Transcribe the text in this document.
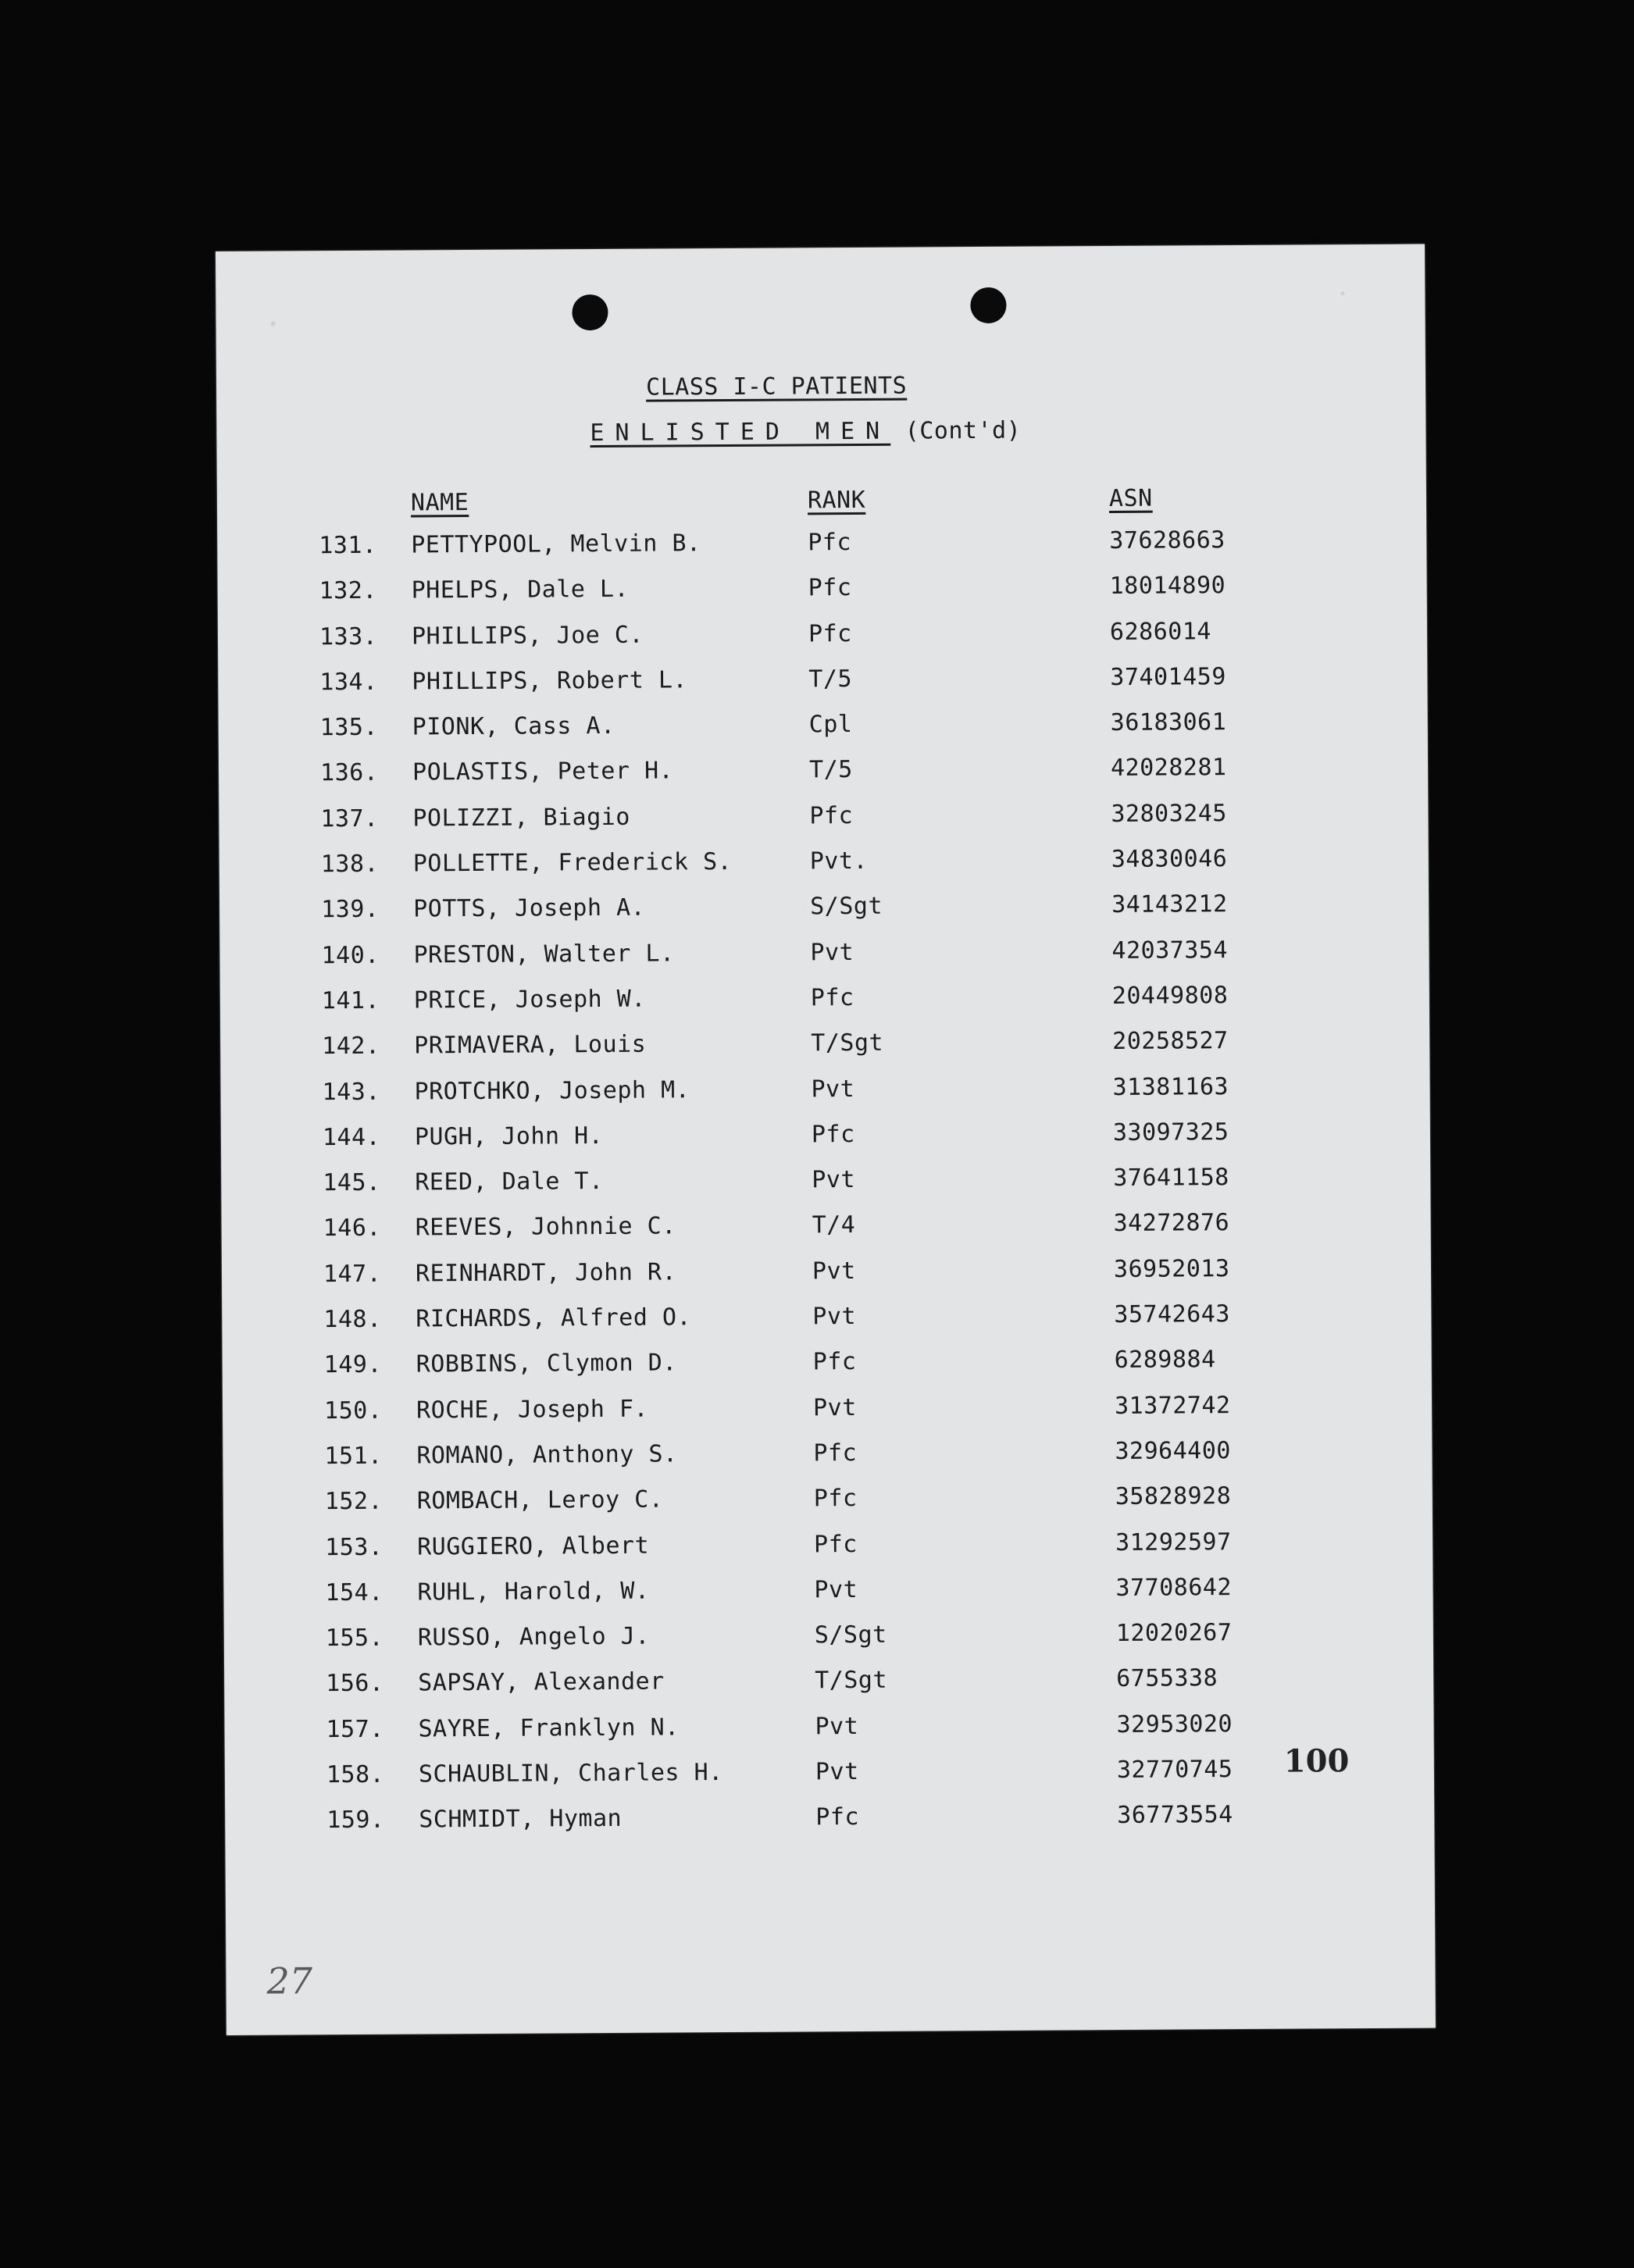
CLASS I-C PATIENTS
ENLISTED MEN (Cont'd)
NAME	RANK	ASN
131. PETTYPOOL, Melvin B.	Pfc	37628663
132. PHELPS, Dale L.	Pfc	18014890
133. PHILLIPS, Joe C.	Pfc	6286014
134. PHILLIPS, Robert L.	T/5	37401459
135. PIONK, Cass A.	Cpl	36183061
136. POLASTIS, Peter H.	T/5	42028281
137. POLIZZI, Biagio	Pfc	32803245
138. POLLETTE, Frederick S.	Pvt.	34830046
139. POTTS, Joseph A.	S/Sgt	34143212
140. PRESTON, Walter L.	Pvt	42037354
141. PRICE, Joseph W.	Pfc	20449808
142. PRIMAVERA, Louis	T/Sgt	20258527
143. PROTCHKO, Joseph M.	Pvt	31381163
144. PUGH, John H.	Pfc	33097325
145. REED, Dale T.	Pvt	37641158
146. REEVES, Johnnie C.	T/4	34272876
147. REINHARDT, John R.	Pvt	36952013
148. RICHARDS, Alfred O.	Pvt	35742643
149. ROBBINS, Clymon D.	Pfc	6289884
150. ROCHE, Joseph F.	Pvt	31372742
151. ROMANO, Anthony S.	Pfc	32964400
152. ROMBACH, Leroy C.	Pfc	35828928
153. RUGGIERO, Albert	Pfc	31292597
154. RUHL, Harold, W.	Pvt	37708642
155. RUSSO, Angelo J.	S/Sgt	12020267
156. SAPSAY, Alexander	T/Sgt	6755338
157. SAYRE, Franklyn N.	Pvt	32953020
158. SCHAUBLIN, Charles H.	Pvt	32770745
159. SCHMIDT, Hyman	Pfc	36773554
100
27
